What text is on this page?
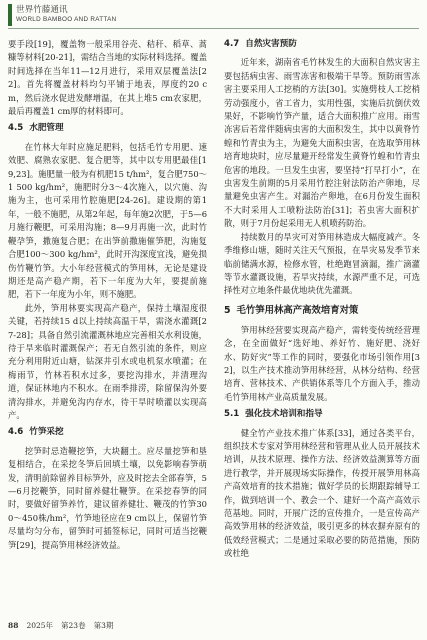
世界竹藤通讯
WORLD BAMBOO AND RATTAN

要手段[19]，覆盖物一般采用谷壳、秸秆、稻草、蒿糠等材料[20-21]，需结合当地的实际材料选择。覆盖时间选择在当年11—12月进行，采用双层覆盖法[22]。首先将覆盖材料均匀平铺于地表，厚度约20 cm，然后浇水促进发酵增温，在其上堆5 cm农家肥，最后再覆盖1 cm厚的材料即可。

4.5 水肥管理

在竹林大年时应施足肥料，包括毛竹专用肥、速效肥、腐熟农家肥、复合肥等，其中以专用肥最佳[19,23]。施肥量一般为有机肥15 t/hm²，复合肥750～1 500 kg/hm²，施肥时分3～4次施入，以穴施、沟施为主，也可采用竹腔施肥[24-26]。建设期的第1年，一般不施肥，从第2年起，每年施2次肥，于5—6月施行鞭肥，可采用沟施；8—9月再施一次，此时竹鞭孕笋，撒施复合肥；在出笋前撒施催笋肥，沟施复合肥100～300 kg/hm²，此时开沟深度宜浅，避免损伤竹鞭竹笋。大小年经营模式的笋用林，无论是建设期还是高产稳产期，若下一年度为大年，要提前施肥，若下一年度为小年，则不施肥。

此外，笋用林要实现高产稳产，保持土壤湿度很关键，若持续15 d以上持续高温干旱，需浇水灌溉[27-28]；具备自然引流灌溉林地应完善相关水利设施，待于旱来临时灌溉保产；若无自然引流的条件，则应充分利用附近山塘，钻深井引水或电机泵水喷灌；在梅雨节，竹林若积水过多，要挖沟排水，并清理沟道，保证林地内不积水。在雨季排涝，除留保沟外要清沟排水，并避免沟内存水，待干旱时喷灌以实现高产。

4.6 竹笋采挖

挖笋时忌造鞭挖笋，大块翻土。应尽量挖笋和垦复相结合，在采挖冬笋后回填土壤，以免影响春笋萌发，清明前除留养目标笋外，应及时挖去全部春笋，5—6月挖鞭笋，同时留养健壮鞭笋。在采挖春笋的同时，要做好留笋养竹，建议留养健壮、鞭茂的竹笋300～450株/hm²，竹笋地径应在9 cm以上，保留竹笋尽量均匀分布，留笋时可插签标记，同时可适当挖鞭笋[29]，提高笋用林经济效益。

4.7 自然灾害预防

近年来，湖南省毛竹林发生的大面积自然灾害主要包括病虫害、雨雪冻害和极端干旱等。预防雨雪冻害主要采用人工挖梢的方法[30]。实施劈枝人工挖梢劳动强度小，省工省力，实用性强，实施后抗倒伏效果好，不影响竹笋产量，适合大面积推广应用。雨雪冻害后若常伴随病虫害的大面积发生，其中以黄脊竹蝗和竹青虫为主，为避免大面积虫害，在选取笋用林培育地块时，应尽量避开经常发生黄脊竹蝗和竹青虫危害的地段。一旦发生虫害，要坚持“打早打小”，在虫害发生前期的5月采用竹腔注射法防治产卵地，尽量避免虫害产生。对漏治产卵地，在6月份发生面积不大时采用人工喷粉法防治[31]；若虫害大面积扩散，则于7月份起采用无人机喷药防治。

持续数月的旱灾可对笋用林造成大幅度减产。冬季维修山塘，随时关注天气预报，在旱灾易发季节来临前储满水源，检修水管，杜绝跑冒滴漏，推广滴灌等节水灌溉设施，若旱灾持续，水源严重不足，可选择性对立地条件最优地块优先灌溉。

5 毛竹笋用林高产高效培育对策

笋用林经营要实现高产稳产，需转变传统经营理念，在全面做好“选好地、养好竹、施好肥、浇好水、防好灾”等工作的同时，要强化市场引领作用[32]，以生产技术推动笋用林经营，从林分结构、经营培育、营林技术、产供销体系等几个方面入手，推动毛竹笋用林产业高质量发展。

5.1 强化技术培训和指导

健全竹产业技术推广体系[33]，通过各类平台，组织技术专家对笋用林经营和管理从业人员开展技术培训，从技术原理、操作方法、经济效益测算等方面进行教学，并开展现场实际操作，传授开展笋用林高产高效培育的技术措施；做好学员的长期跟踪辅导工作，做到培训一个、教会一个、建好一个高产高效示范基地。同时，开展广泛的宣传推介，一是宣传高产高效笋用林的经济效益，吸引更多的林农摒弃原有的低效经营模式；二是通过采取必要的防范措施，预防或杜绝

88 2025年 第23卷 第3期
